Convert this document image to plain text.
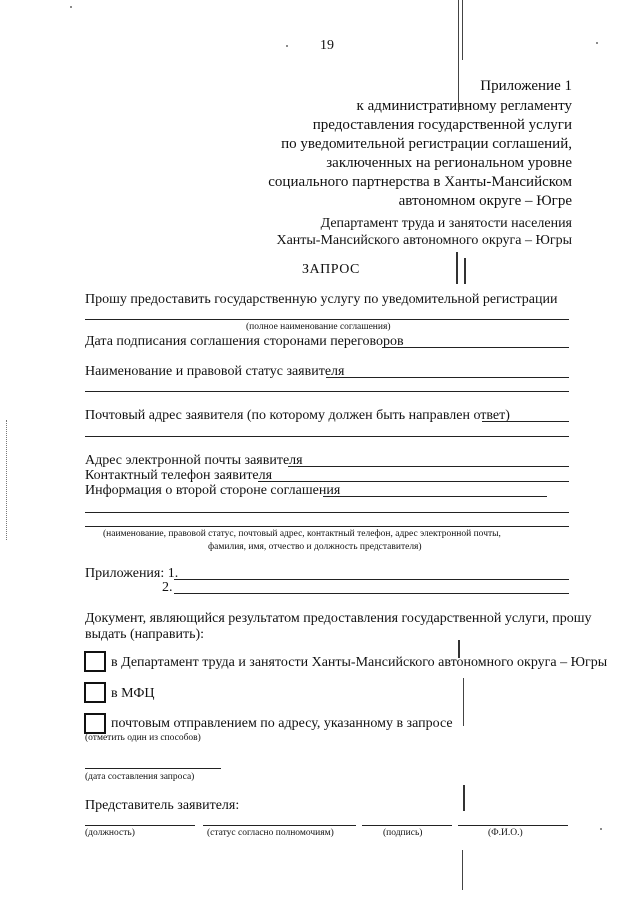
19
Приложение 1
к административному регламенту
предоставления государственной услуги
по уведомительной регистрации соглашений,
заключенных на региональном уровне
социального партнерства в Ханты-Мансийском
автономном округе – Югре
Департамент труда и занятости населения
Ханты-Мансийского автономного округа – Югры
ЗАПРОС
Прошу предоставить государственную услугу по уведомительной регистрации
(полное наименование соглашения)
Дата подписания соглашения сторонами переговоров
Наименование и правовой статус заявителя
Почтовый адрес заявителя (по которому должен быть направлен ответ)
Адрес электронной почты заявителя
Контактный телефон заявителя
Информация о второй стороне соглашения
(наименование, правовой статус, почтовый адрес, контактный телефон, адрес электронной почты,
фамилия, имя, отчество и должность представителя)
Приложения: 1.
2.
Документ, являющийся результатом предоставления государственной услуги, прошу
выдать (направить):
в Департамент труда и занятости Ханты-Мансийского автономного округа – Югры
в МФЦ
почтовым отправлением по адресу, указанному в запросе
(отметить один из способов)
(дата составления запроса)
Представитель заявителя:
(должность)	(статус согласно полномочиям)	(подпись)	(Ф.И.О.)
